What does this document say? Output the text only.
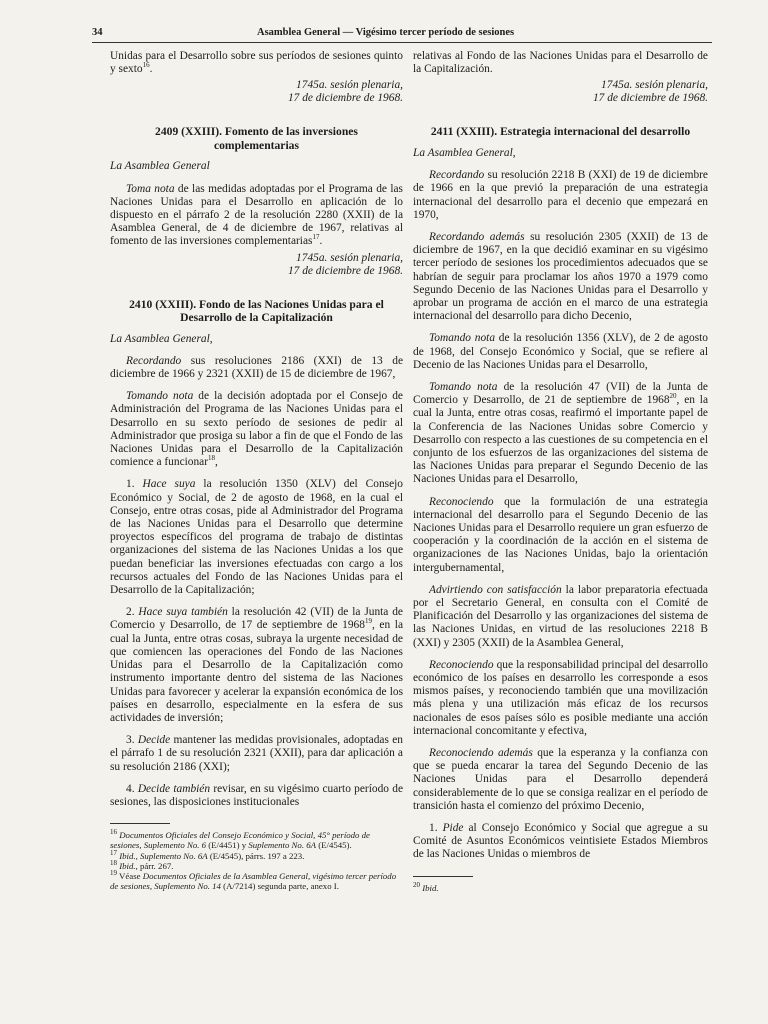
34	Asamblea General — Vigésimo tercer período de sesiones

Unidas para el Desarrollo sobre sus períodos de sesiones quinto y sexto$^{16}$.

1745a. sesión plenaria,
17 de diciembre de 1968.
2409 (XXIII). Fomento de las inversiones complementarias

La Asamblea General

Toma nota de las medidas adoptadas por el Programa de las Naciones Unidas para el Desarrollo en aplicación de lo dispuesto en el párrafo 2 de la resolución 2280 (XXII) de la Asamblea General, de 4 de diciembre de 1967, relativas al fomento de las inversiones complementarias$^{17}$.

1745a. sesión plenaria,
17 de diciembre de 1968.
2410 (XXIII). Fondo de las Naciones Unidas para el Desarrollo de la Capitalización

La Asamblea General,

Recordando sus resoluciones 2186 (XXI) de 13 de diciembre de 1966 y 2321 (XXII) de 15 de diciembre de 1967,

Tomando nota de la decisión adoptada por el Consejo de Administración del Programa de las Naciones Unidas para el Desarrollo en su sexto período de sesiones de pedir al Administrador que prosiga su labor a fin de que el Fondo de las Naciones Unidas para el Desarrollo de la Capitalización comience a funcionar$^{18}$,

1. Hace suya la resolución 1350 (XLV) del Consejo Económico y Social, de 2 de agosto de 1968, en la cual el Consejo, entre otras cosas, pide al Administrador del Programa de las Naciones Unidas para el Desarrollo que determine proyectos específicos del programa de trabajo de distintas organizaciones del sistema de las Naciones Unidas a los que puedan beneficiar las inversiones efectuadas con cargo a los recursos actuales del Fondo de las Naciones Unidas para el Desarrollo de la Capitalización;

2. Hace suya también la resolución 42 (VII) de la Junta de Comercio y Desarrollo, de 17 de septiembre de 1968$^{19}$, en la cual la Junta, entre otras cosas, subraya la urgente necesidad de que comiencen las operaciones del Fondo de las Naciones Unidas para el Desarrollo de la Capitalización como instrumento importante dentro del sistema de las Naciones Unidas para favorecer y acelerar la expansión económica de los países en desarrollo, especialmente en la esfera de sus actividades de inversión;

3. Decide mantener las medidas provisionales, adoptadas en el párrafo 1 de su resolución 2321 (XXII), para dar aplicación a su resolución 2186 (XXI);

4. Decide también revisar, en su vigésimo cuarto período de sesiones, las disposiciones institucionales

$^{16}$ Documentos Oficiales del Consejo Económico y Social, 45° período de sesiones, Suplemento No. 6 (E/4451) y Suplemento No. 6A (E/4545).

$^{17}$ Ibid., Suplemento No. 6A (E/4545), párrs. 197 a 223.

$^{18}$ Ibid., párr. 267.

$^{19}$ Véase Documentos Oficiales de la Asamblea General, vigésimo tercer período de sesiones, Suplemento No. 14 (A/7214) segunda parte, anexo I.

relativas al Fondo de las Naciones Unidas para el Desarrollo de la Capitalización.

1745a. sesión plenaria,
17 de diciembre de 1968.
2411 (XXIII). Estrategia internacional del desarrollo

La Asamblea General,

Recordando su resolución 2218 B (XXI) de 19 de diciembre de 1966 en la que previó la preparación de una estrategia internacional del desarrollo para el decenio que empezará en 1970,

Recordando además su resolución 2305 (XXII) de 13 de diciembre de 1967, en la que decidió examinar en su vigésimo tercer período de sesiones los procedimientos adecuados que se habrían de seguir para proclamar los años 1970 a 1979 como Segundo Decenio de las Naciones Unidas para el Desarrollo y aprobar un programa de acción en el marco de una estrategia internacional del desarrollo para dicho Decenio,

Tomando nota de la resolución 1356 (XLV), de 2 de agosto de 1968, del Consejo Económico y Social, que se refiere al Decenio de las Naciones Unidas para el Desarrollo,

Tomando nota de la resolución 47 (VII) de la Junta de Comercio y Desarrollo, de 21 de septiembre de 1968$^{20}$, en la cual la Junta, entre otras cosas, reafirmó el importante papel de la Conferencia de las Naciones Unidas sobre Comercio y Desarrollo con respecto a las cuestiones de su competencia en el conjunto de los esfuerzos de las organizaciones del sistema de las Naciones Unidas para preparar el Segundo Decenio de las Naciones Unidas para el Desarrollo,

Reconociendo que la formulación de una estrategia internacional del desarrollo para el Segundo Decenio de las Naciones Unidas para el Desarrollo requiere un gran esfuerzo de cooperación y la coordinación de la acción en el sistema de organizaciones de las Naciones Unidas, bajo la orientación intergubernamental,

Advirtiendo con satisfacción la labor preparatoria efectuada por el Secretario General, en consulta con el Comité de Planificación del Desarrollo y las organizaciones del sistema de las Naciones Unidas, en virtud de las resoluciones 2218 B (XXI) y 2305 (XXII) de la Asamblea General,

Reconociendo que la responsabilidad principal del desarrollo económico de los países en desarrollo les corresponde a esos mismos países, y reconociendo también que una movilización más plena y una utilización más eficaz de los recursos nacionales de esos países sólo es posible mediante una acción internacional concomitante y efectiva,

Reconociendo además que la esperanza y la confianza con que se pueda encarar la tarea del Segundo Decenio de las Naciones Unidas para el Desarrollo dependerá considerablemente de lo que se consiga realizar en el período de transición hasta el comienzo del próximo Decenio,

1. Pide al Consejo Económico y Social que agregue a su Comité de Asuntos Económicos veintisiete Estados Miembros de las Naciones Unidas o miembros de

$^{20}$ Ibid.
